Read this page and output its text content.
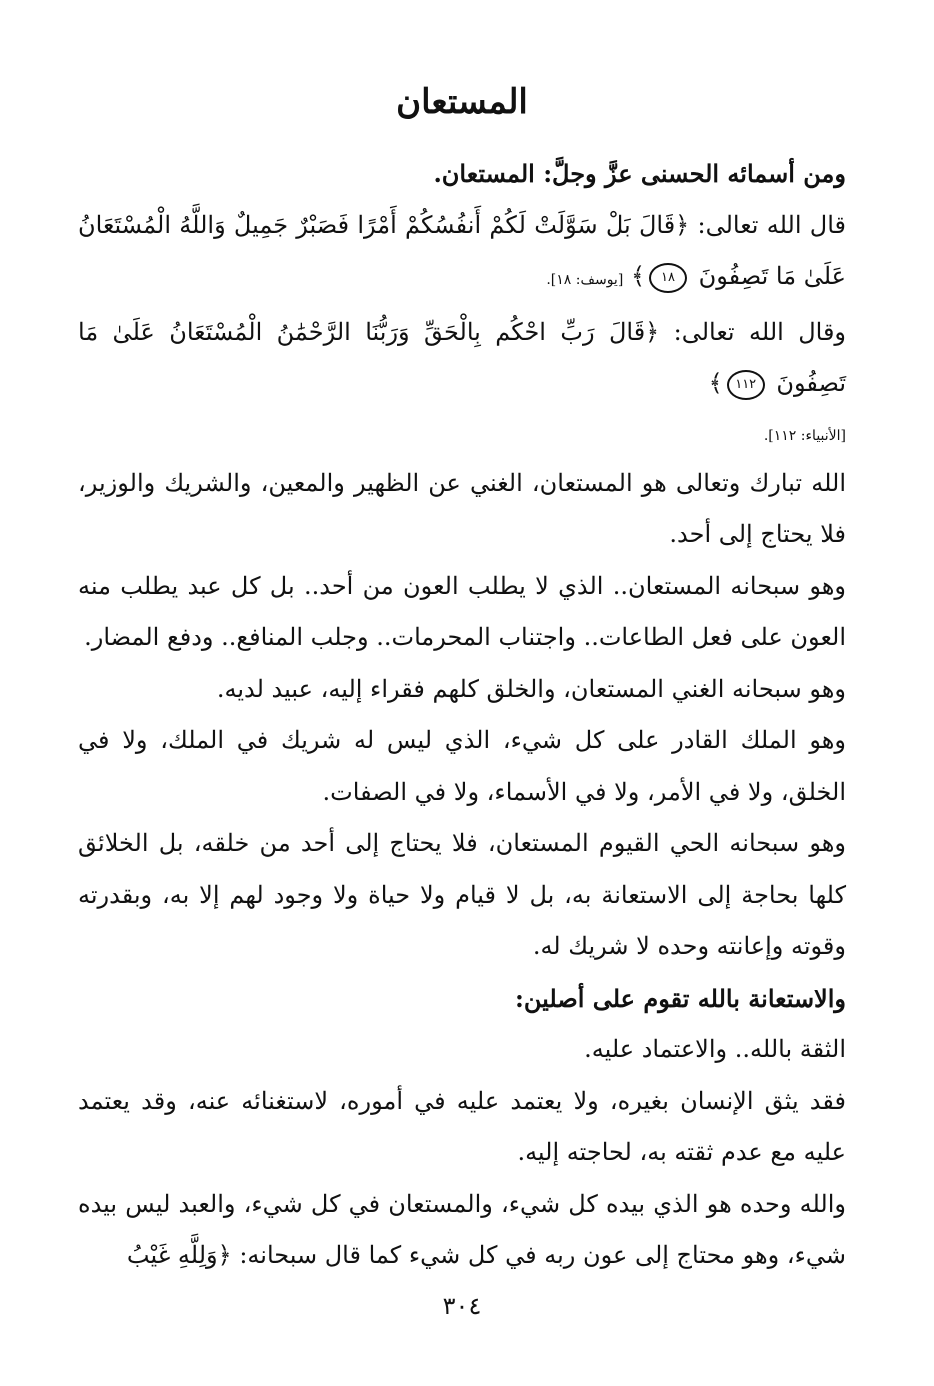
المستعان

ومن أسمائه الحسنى عزَّ وجلَّ: المستعان.

قال الله تعالى: ﴿قَالَ بَلْ سَوَّلَتْ لَكُمْ أَنفُسُكُمْ أَمْرًا فَصَبْرٌ جَمِيلٌ وَاللَّهُ الْمُسْتَعَانُ عَلَىٰ مَا تَصِفُونَ ١٨﴾ [يوسف: ١٨].

وقال الله تعالى: ﴿قَالَ رَبِّ احْكُم بِالْحَقِّ وَرَبُّنَا الرَّحْمَٰنُ الْمُسْتَعَانُ عَلَىٰ مَا تَصِفُونَ ١١٢﴾

[الأنبياء: ١١٢].

الله تبارك وتعالى هو المستعان، الغني عن الظهير والمعين، والشريك والوزير، فلا يحتاج إلى أحد.

وهو سبحانه المستعان.. الذي لا يطلب العون من أحد.. بل كل عبد يطلب منه العون على فعل الطاعات.. واجتناب المحرمات.. وجلب المنافع.. ودفع المضار.

وهو سبحانه الغني المستعان، والخلق كلهم فقراء إليه، عبيد لديه.

وهو الملك القادر على كل شيء، الذي ليس له شريك في الملك، ولا في الخلق، ولا في الأمر، ولا في الأسماء، ولا في الصفات.

وهو سبحانه الحي القيوم المستعان، فلا يحتاج إلى أحد من خلقه، بل الخلائق كلها بحاجة إلى الاستعانة به، بل لا قيام ولا حياة ولا وجود لهم إلا به، وبقدرته وقوته وإعانته وحده لا شريك له.

والاستعانة بالله تقوم على أصلين:

الثقة بالله.. والاعتماد عليه.

فقد يثق الإنسان بغيره، ولا يعتمد عليه في أموره، لاستغنائه عنه، وقد يعتمد عليه مع عدم ثقته به، لحاجته إليه.

والله وحده هو الذي بيده كل شيء، والمستعان في كل شيء، والعبد ليس بيده شيء، وهو محتاج إلى عون ربه في كل شيء كما قال سبحانه: ﴿وَلِلَّهِ غَيْبُ

٣٠٤
